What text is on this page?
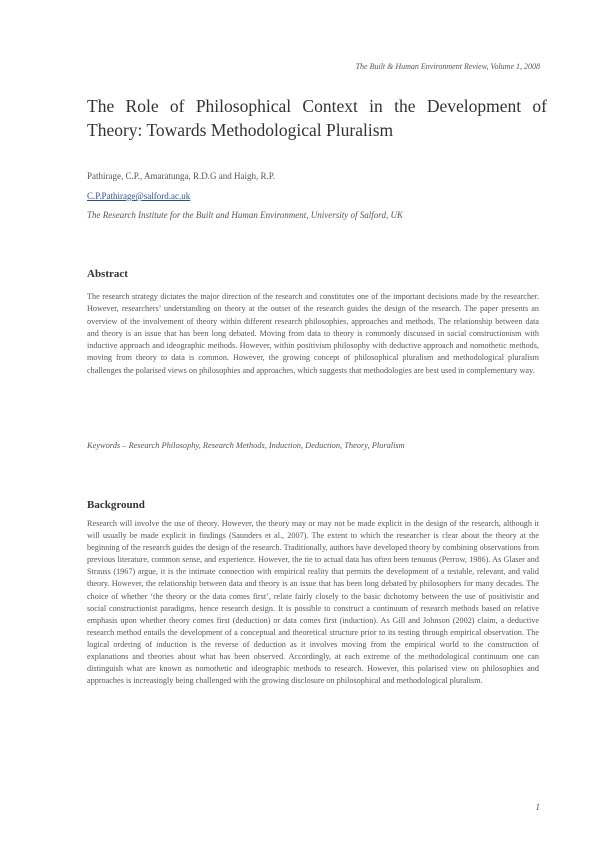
The Built & Human Environment Review, Volume 1, 2008
The Role of Philosophical Context in the Development of Theory: Towards Methodological Pluralism
Pathirage, C.P., Amaratunga, R.D.G and Haigh, R.P.
C.P.Pathirage@salford.ac.uk
The Research Institute for the Built and Human Environment, University of Salford, UK
Abstract

The research strategy dictates the major direction of the research and constitutes one of the important decisions made by the researcher. However, researchers’ understanding on theory at the outset of the research guides the design of the research. The paper presents an overview of the involvement of theory within different research philosophies, approaches and methods. The relationship between data and theory is an issue that has been long debated. Moving from data to theory is commonly discussed in social constructionism with inductive approach and ideographic methods. However, within positivism philosophy with deductive approach and nomothetic methods, moving from theory to data is common. However, the growing concept of philosophical pluralism and methodological pluralism challenges the polarised views on philosophies and approaches, which suggests that methodologies are best used in complementary way.

Keywords – Research Philosophy, Research Methods, Induction, Deduction, Theory, Pluralism
Background

Research will involve the use of theory. However, the theory may or may not be made explicit in the design of the research, although it will usually be made explicit in findings (Saunders et al., 2007). The extent to which the researcher is clear about the theory at the beginning of the research guides the design of the research. Traditionally, authors have developed theory by combining observations from previous literature, common sense, and experience. However, the tie to actual data has often been tenuous (Perrow, 1986). As Glaser and Strauss (1967) argue, it is the intimate connection with empirical reality that permits the development of a testable, relevant, and valid theory. However, the relationship between data and theory is an issue that has been long debated by philosophers for many decades. The choice of whether ‘the theory or the data comes first’, relate fairly closely to the basic dichotomy between the use of positivistic and social constructionist paradigms, hence research design. It is possible to construct a continuum of research methods based on relative emphasis upon whether theory comes first (deduction) or data comes first (induction). As Gill and Johnson (2002) claim, a deductive research method entails the development of a conceptual and theoretical structure prior to its testing through empirical observation. The logical ordering of induction is the reverse of deduction as it involves moving from the empirical world to the construction of explanations and theories about what has been observed. Accordingly, at each extreme of the methodological continuum one can distinguish what are known as nomothetic and ideographic methods to research. However, this polarised view on philosophies and approaches is increasingly being challenged with the growing disclosure on philosophical and methodological pluralism.

1
